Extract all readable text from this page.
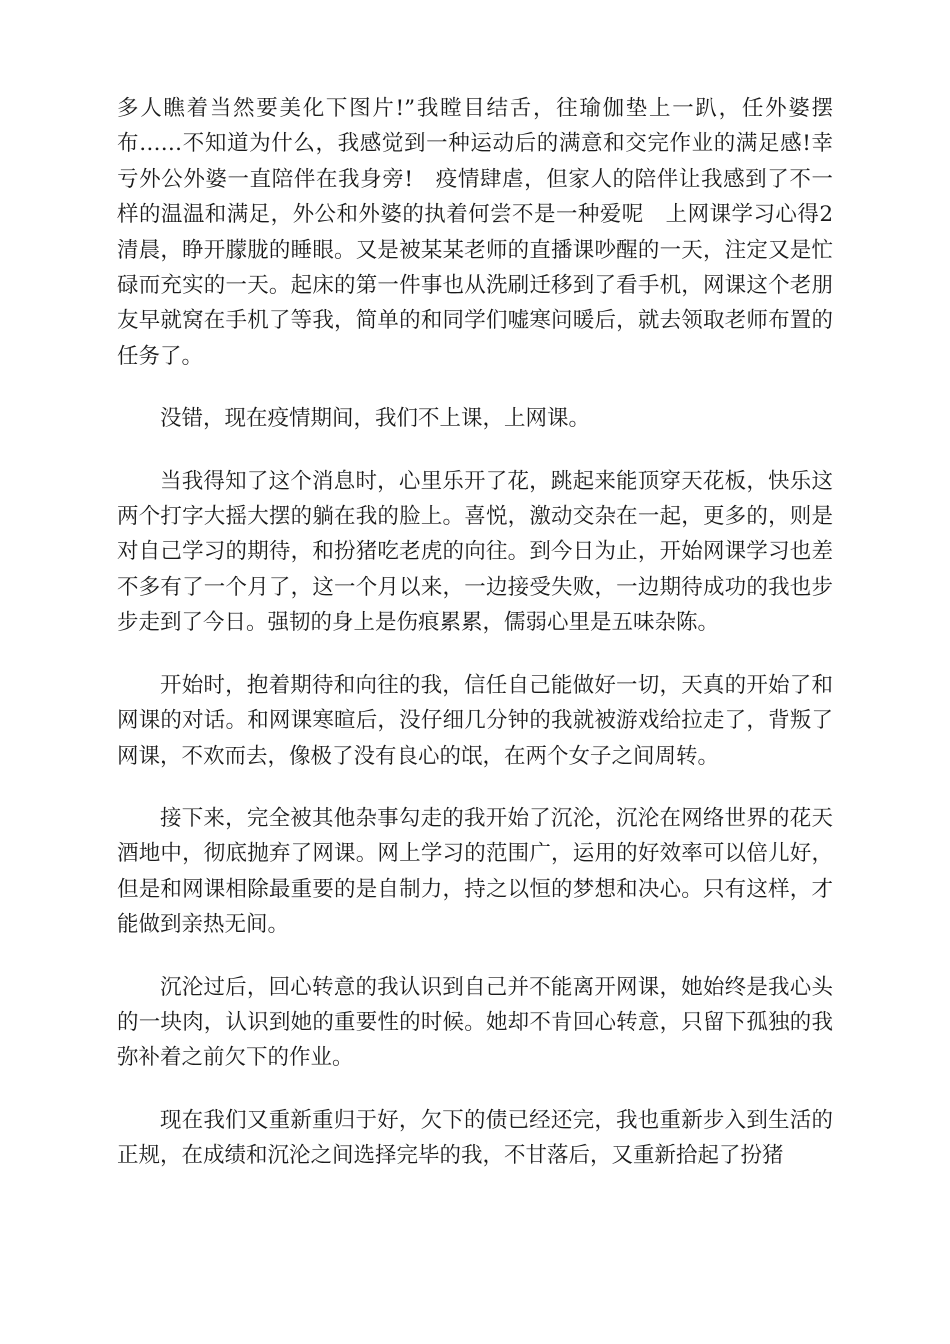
多人瞧着当然要美化下图片!”我瞠目结舌，往瑜伽垫上一趴，任外婆摆布……不知道为什么，我感觉到一种运动后的满意和交完作业的满足感!幸亏外公外婆一直陪伴在我身旁!　疫情肆虐，但家人的陪伴让我感到了不一样的温温和满足，外公和外婆的执着何尝不是一种爱呢　上网课学习心得2　清晨，睁开朦胧的睡眼。又是被某某老师的直播课吵醒的一天，注定又是忙碌而充实的一天。起床的第一件事也从洗刷迁移到了看手机，网课这个老朋友早就窝在手机了等我，简单的和同学们嘘寒问暖后，就去领取老师布置的任务了。

没错，现在疫情期间，我们不上课，上网课。

当我得知了这个消息时，心里乐开了花，跳起来能顶穿天花板，快乐这两个打字大摇大摆的躺在我的脸上。喜悦，激动交杂在一起，更多的，则是对自己学习的期待，和扮猪吃老虎的向往。到今日为止，开始网课学习也差不多有了一个月了，这一个月以来，一边接受失败，一边期待成功的我也步步走到了今日。强韧的身上是伤痕累累，儒弱心里是五味杂陈。

开始时，抱着期待和向往的我，信任自己能做好一切，天真的开始了和网课的对话。和网课寒暄后，没仔细几分钟的我就被游戏给拉走了，背叛了网课，不欢而去，像极了没有良心的氓，在两个女子之间周转。

接下来，完全被其他杂事勾走的我开始了沉沦，沉沦在网络世界的花天酒地中，彻底抛弃了网课。网上学习的范围广，运用的好效率可以倍儿好，但是和网课相除最重要的是自制力，持之以恒的梦想和决心。只有这样，才能做到亲热无间。

沉沦过后，回心转意的我认识到自己并不能离开网课，她始终是我心头的一块肉，认识到她的重要性的时候。她却不肯回心转意，只留下孤独的我弥补着之前欠下的作业。

现在我们又重新重归于好，欠下的债已经还完，我也重新步入到生活的正规，在成绩和沉沦之间选择完毕的我，不甘落后，又重新拾起了扮猪
